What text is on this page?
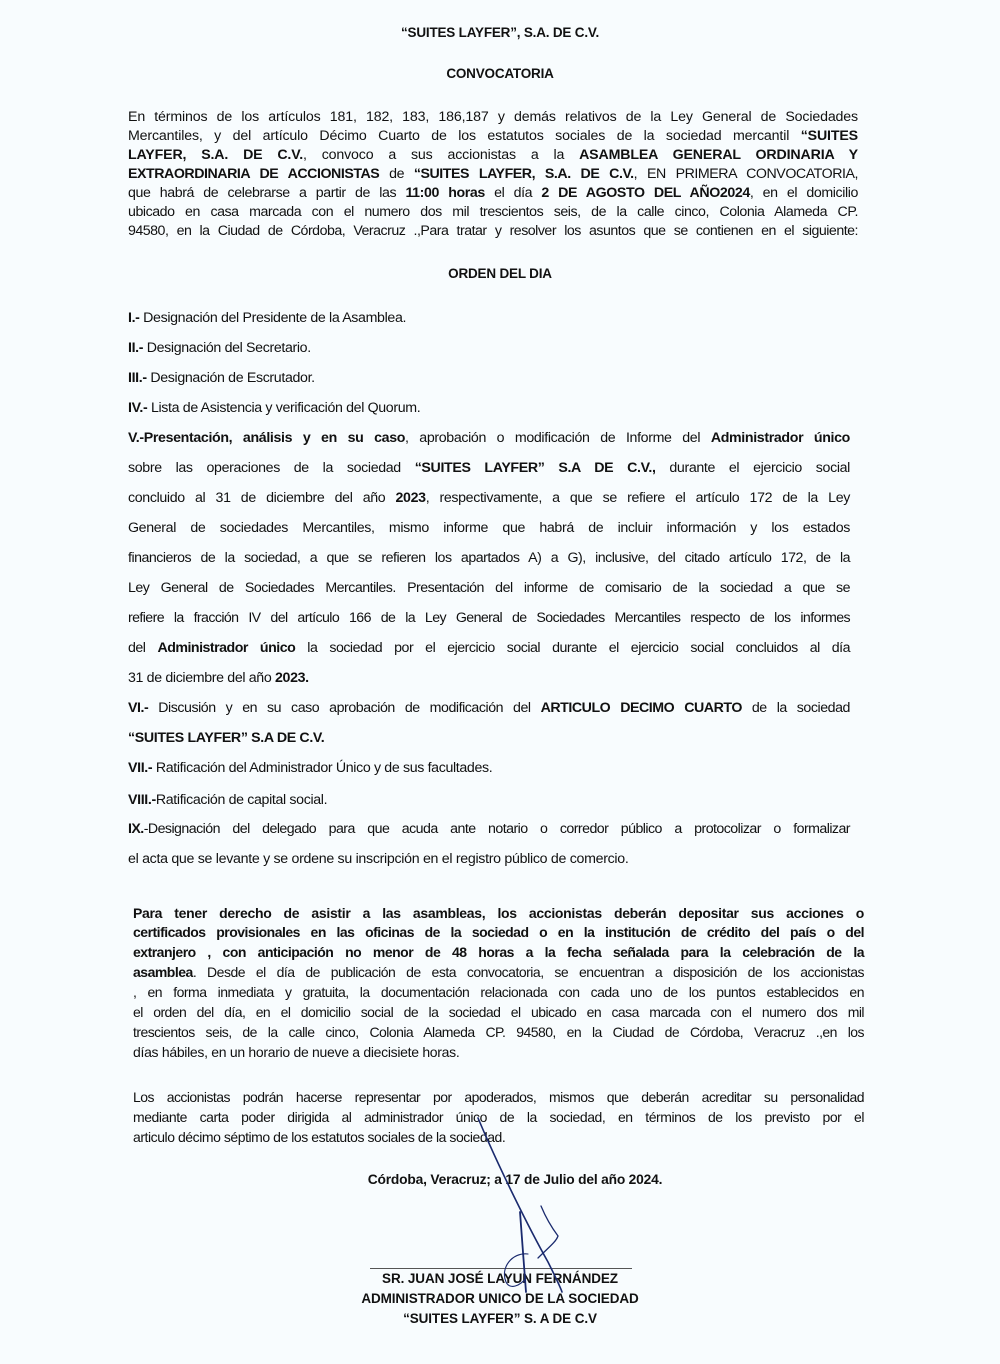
“SUITES LAYFER”, S.A. DE C.V.
CONVOCATORIA
En términos de los artículos 181, 182, 183, 186,187 y demás relativos de la Ley General de Sociedades
Mercantiles, y del artículo Décimo Cuarto de los estatutos sociales de la sociedad mercantil “SUITES
LAYFER, S.A. DE C.V., convoco a sus accionistas a la ASAMBLEA GENERAL ORDINARIA Y
EXTRAORDINARIA DE ACCIONISTAS de “SUITES LAYFER, S.A. DE C.V., EN PRIMERA CONVOCATORIA,
que habrá de celebrarse a partir de las 11:00 horas el día 2 DE AGOSTO DEL AÑO2024, en el domicilio
ubicado en casa marcada con el numero dos mil trescientos seis, de la calle cinco, Colonia Alameda CP.
94580, en la Ciudad de Córdoba, Veracruz .,Para tratar y resolver los asuntos que se contienen en el siguiente:
ORDEN DEL DIA
I.- Designación del Presidente de la Asamblea.
II.- Designación del Secretario.
III.- Designación de Escrutador.
IV.- Lista de Asistencia y verificación del Quorum.
V.-Presentación, análisis y en su caso, aprobación o modificación de Informe del Administrador único
sobre las operaciones de la sociedad “SUITES LAYFER” S.A DE C.V., durante el ejercicio social
concluido al 31 de diciembre del año 2023, respectivamente, a que se refiere el artículo 172 de la Ley
General de sociedades Mercantiles, mismo informe que habrá de incluir información y los estados
financieros de la sociedad, a que se refieren los apartados A) a G), inclusive, del citado artículo 172, de la
Ley General de Sociedades Mercantiles. Presentación del informe de comisario de la sociedad a que se
refiere la fracción IV del artículo 166 de la Ley General de Sociedades Mercantiles respecto de los informes
del Administrador único la sociedad por el ejercicio social durante el ejercicio social concluidos al día
31 de diciembre del año 2023.
VI.- Discusión y en su caso aprobación de modificación del ARTICULO DECIMO CUARTO de la sociedad
“SUITES LAYFER” S.A DE C.V.
VII.- Ratificación del Administrador Único y de sus facultades.
VIII.-Ratificación de capital social.
IX.-Designación del delegado para que acuda ante notario o corredor público a protocolizar o formalizar
el acta que se levante y se ordene su inscripción en el registro público de comercio.
Para tener derecho de asistir a las asambleas, los accionistas deberán depositar sus acciones o
certificados provisionales en las oficinas de la sociedad o en la institución de crédito del país o del
extranjero , con anticipación no menor de 48 horas a la fecha señalada para la celebración de la
asamblea. Desde el día de publicación de esta convocatoria, se encuentran a disposición de los accionistas
, en forma inmediata y gratuita, la documentación relacionada con cada uno de los puntos establecidos en
el orden del día, en el domicilio social de la sociedad el ubicado en casa marcada con el numero dos mil
trescientos seis, de la calle cinco, Colonia Alameda CP. 94580, en la Ciudad de Córdoba, Veracruz .,en los
días hábiles, en un horario de nueve a diecisiete horas.
Los accionistas podrán hacerse representar por apoderados, mismos que deberán acreditar su personalidad
mediante carta poder dirigida al administrador único de la sociedad, en términos de los previsto por el
articulo décimo séptimo de los estatutos sociales de la sociedad.
Córdoba, Veracruz; a 17 de Julio del año 2024.
SR. JUAN JOSÉ LAYUN FERNÁNDEZ
ADMINISTRADOR UNICO DE LA SOCIEDAD
“SUITES LAYFER” S. A DE C.V
